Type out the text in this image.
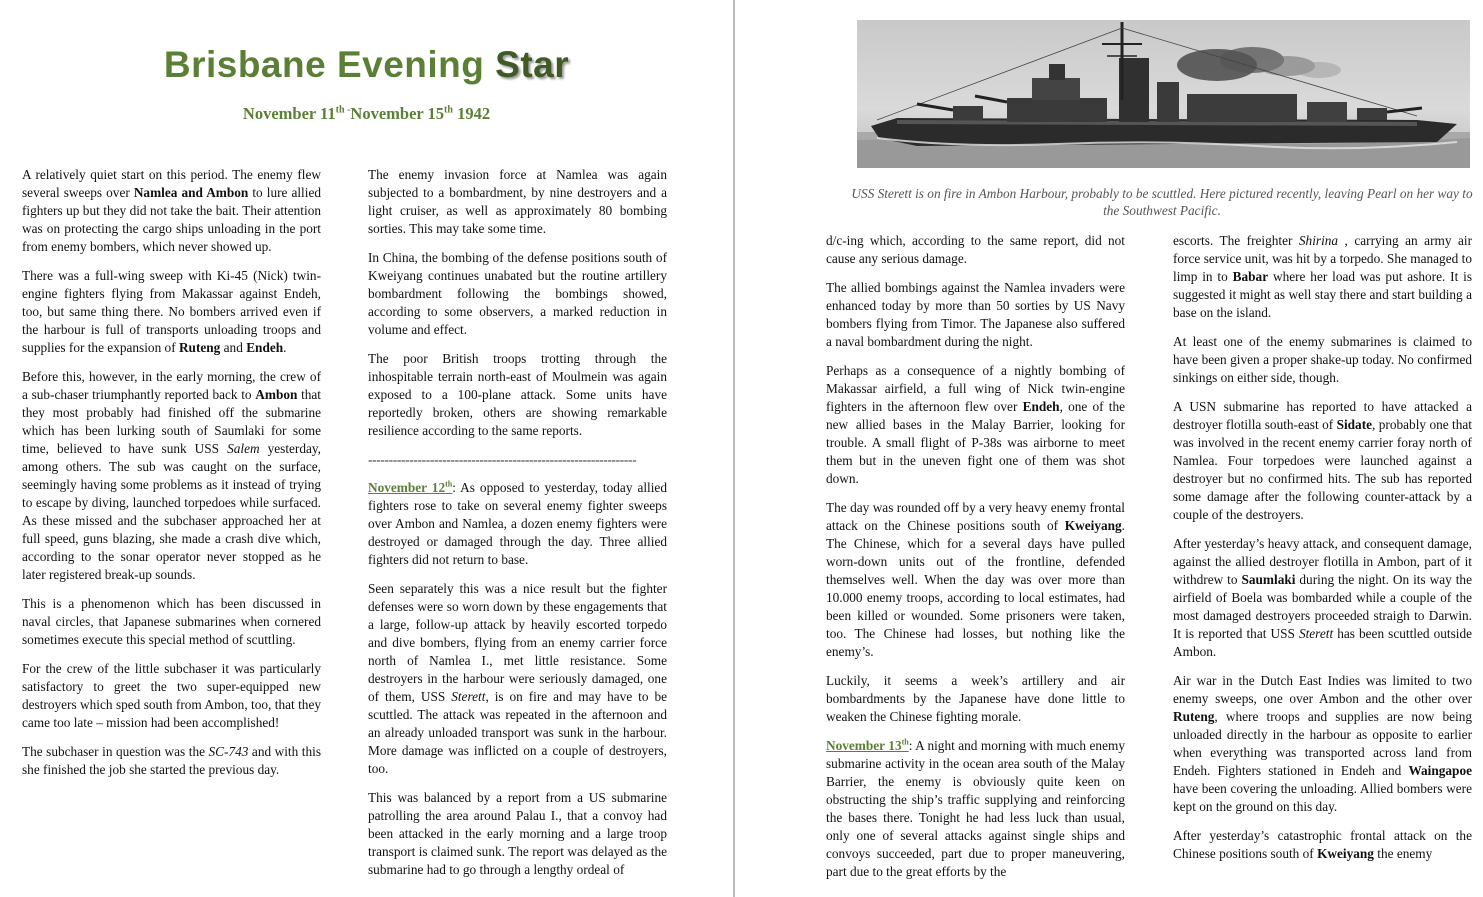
Brisbane Evening Star
November 11th -November 15th 1942

A relatively quiet start on this period. The enemy flew several sweeps over Namlea and Ambon to lure allied fighters up but they did not take the bait. Their attention was on protecting the cargo ships unloading in the port from enemy bombers, which never showed up.

There was a full-wing sweep with Ki-45 (Nick) twin-engine fighters flying from Makassar against Endeh, too, but same thing there. No bombers arrived even if the harbour is full of transports unloading troops and supplies for the expansion of Ruteng and Endeh.

Before this, however, in the early morning, the crew of a sub-chaser triumphantly reported back to Ambon that they most probably had finished off the submarine which has been lurking south of Saumlaki for some time, believed to have sunk USS Salem yesterday, among others. The sub was caught on the surface, seemingly having some problems as it instead of trying to escape by diving, launched torpedoes while surfaced. As these missed and the subchaser approached her at full speed, guns blazing, she made a crash dive which, according to the sonar operator never stopped as he later registered break-up sounds.

This is a phenomenon which has been discussed in naval circles, that Japanese submarines when cornered sometimes execute this special method of scuttling.

For the crew of the little subchaser it was particularly satisfactory to greet the two super-equipped new destroyers which sped south from Ambon, too, that they came too late – mission had been accomplished!

The subchaser in question was the SC-743 and with this she finished the job she started the previous day.

The enemy invasion force at Namlea was again subjected to a bombardment, by nine destroyers and a light cruiser, as well as approximately 80 bombing sorties. This may take some time.

In China, the bombing of the defense positions south of Kweiyang continues unabated but the routine artillery bombardment following the bombings showed, according to some observers, a marked reduction in volume and effect.

The poor British troops trotting through the inhospitable terrain north-east of Moulmein was again exposed to a 100-plane attack. Some units have reportedly broken, others are showing remarkable resilience according to the same reports.

-----------------------------------------------------------------

November 12th: As opposed to yesterday, today allied fighters rose to take on several enemy fighter sweeps over Ambon and Namlea, a dozen enemy fighters were destroyed or damaged through the day. Three allied fighters did not return to base.

Seen separately this was a nice result but the fighter defenses were so worn down by these engagements that a large, follow-up attack by heavily escorted torpedo and dive bombers, flying from an enemy carrier force north of Namlea I., met little resistance. Some destroyers in the harbour were seriously damaged, one of them, USS Sterett, is on fire and may have to be scuttled. The attack was repeated in the afternoon and an already unloaded transport was sunk in the harbour. More damage was inflicted on a couple of destroyers, too.

This was balanced by a report from a US submarine patrolling the area around Palau I., that a convoy had been attacked in the early morning and a large troop transport is claimed sunk. The report was delayed as the submarine had to go through a lengthy ordeal of

USS Sterett is on fire in Ambon Harbour, probably to be scuttled. Here pictured recently, leaving Pearl on her way to the Southwest Pacific.

d/c-ing which, according to the same report, did not cause any serious damage.

The allied bombings against the Namlea invaders were enhanced today by more than 50 sorties by US Navy bombers flying from Timor. The Japanese also suffered a naval bombardment during the night.

Perhaps as a consequence of a nightly bombing of Makassar airfield, a full wing of Nick twin-engine fighters in the afternoon flew over Endeh, one of the new allied bases in the Malay Barrier, looking for trouble. A small flight of P-38s was airborne to meet them but in the uneven fight one of them was shot down.

The day was rounded off by a very heavy enemy frontal attack on the Chinese positions south of Kweiyang. The Chinese, which for a several days have pulled worn-down units out of the frontline, defended themselves well. When the day was over more than 10.000 enemy troops, according to local estimates, had been killed or wounded. Some prisoners were taken, too. The Chinese had losses, but nothing like the enemy’s.

Luckily, it seems a week’s artillery and air bombardments by the Japanese have done little to weaken the Chinese fighting morale.

November 13th: A night and morning with much enemy submarine activity in the ocean area south of the Malay Barrier, the enemy is obviously quite keen on obstructing the ship’s traffic supplying and reinforcing the bases there. Tonight he had less luck than usual, only one of several attacks against single ships and convoys succeeded, part due to proper maneuvering, part due to the great efforts by the

escorts. The freighter Shirina , carrying an army air force service unit, was hit by a torpedo. She managed to limp in to Babar where her load was put ashore. It is suggested it might as well stay there and start building a base on the island.

At least one of the enemy submarines is claimed to have been given a proper shake-up today. No confirmed sinkings on either side, though.

A USN submarine has reported to have attacked a destroyer flotilla south-east of Sidate, probably one that was involved in the recent enemy carrier foray north of Namlea. Four torpedoes were launched against a destroyer but no confirmed hits. The sub has reported some damage after the following counter-attack by a couple of the destroyers.

After yesterday’s heavy attack, and consequent damage, against the allied destroyer flotilla in Ambon, part of it withdrew to Saumlaki during the night. On its way the airfield of Boela was bombarded while a couple of the most damaged destroyers proceeded straigh to Darwin. It is reported that USS Sterett has been scuttled outside Ambon.

Air war in the Dutch East Indies was limited to two enemy sweeps, one over Ambon and the other over Ruteng, where troops and supplies are now being unloaded directly in the harbour as opposite to earlier when everything was transported across land from Endeh. Fighters stationed in Endeh and Waingapoe have been covering the unloading. Allied bombers were kept on the ground on this day.

After yesterday’s catastrophic frontal attack on the Chinese positions south of Kweiyang the enemy
